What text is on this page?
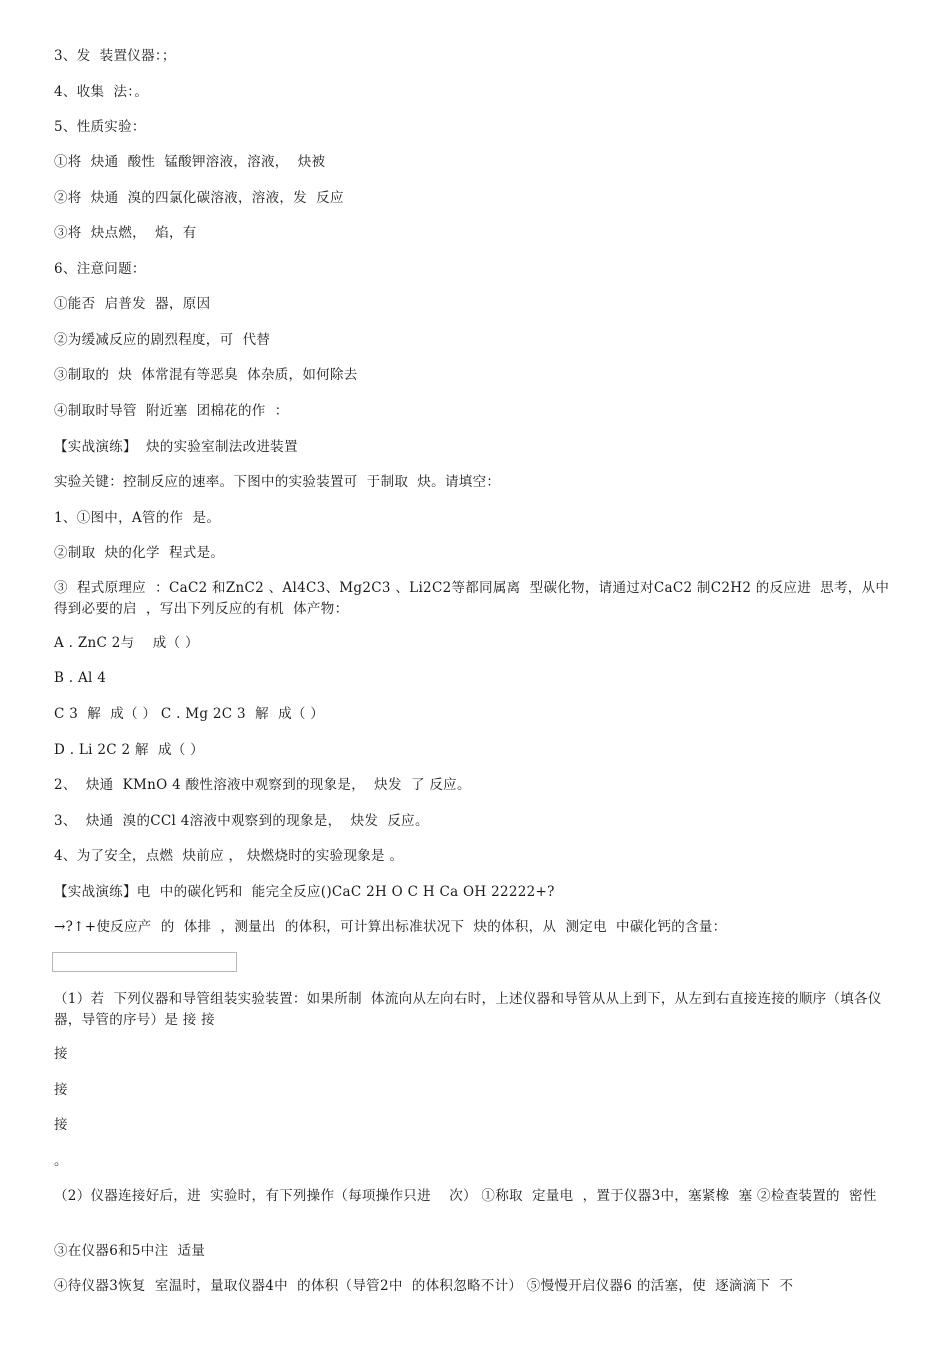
3、发  装置仪器：；
4、收集  法：。
5、性质实验：
①将  炔通  酸性  锰酸钾溶液，溶液，  炔被
②将  炔通  溴的四氯化碳溶液，溶液，发  反应
③将  炔点燃，  焰，有
6、注意问题：
①能否  启普发  器，原因
②为缓减反应的剧烈程度，可  代替
③制取的  炔  体常混有等恶臭  体杂质，如何除去
④制取时导管  附近塞  团棉花的作  ：
【实战演练】  炔的实验室制法改进装置
实验关键：控制反应的速率。下图中的实验装置可  于制取  炔。请填空：
1、①图中，A管的作  是。
②制取  炔的化学  程式是。
③  程式原理应  ：CaC2 和ZnC2 、Al4C3、Mg2C3 、Li2C2等都同属离  型碳化物，请通过对CaC2 制C2H2 的反应进  思考，从中得到必要的启  ，写出下列反应的有机  体产物：
A . ZnC 2与    成（ ）
B . Al 4
C 3  解  成（ ） C . Mg 2C 3  解  成（ ）
D . Li 2C 2 解  成（ ）
2、  炔通  KMnO 4 酸性溶液中观察到的现象是，  炔发  了 反应。
3、  炔通  溴的CCl 4溶液中观察到的现象是，  炔发  反应。
4、为了安全，点燃  炔前应 ， 炔燃烧时的实验现象是 。
【实战演练】电  中的碳化钙和  能完全反应()CaC 2H O C H Ca OH 22222+?
→?↑+使反应产  的  体排  ，测量出  的体积，可计算出标准状况下  炔的体积，从  测定电  中碳化钙的含量：
（1）若  下列仪器和导管组装实验装置：如果所制  体流向从左向右时，上述仪器和导管从从上到下，从左到右直接连接的顺序（填各仪器，导管的序号）是 接 接
接
接
接
。
（2）仪器连接好后，进  实验时，有下列操作（每项操作只进    次） ①称取  定量电  ，置于仪器3中，塞紧橡  塞 ②检查装置的  密性
③在仪器6和5中注  适量
④待仪器3恢复  室温时，量取仪器4中  的体积（导管2中  的体积忽略不计） ⑤慢慢开启仪器6 的活塞，使  逐滴滴下  不
